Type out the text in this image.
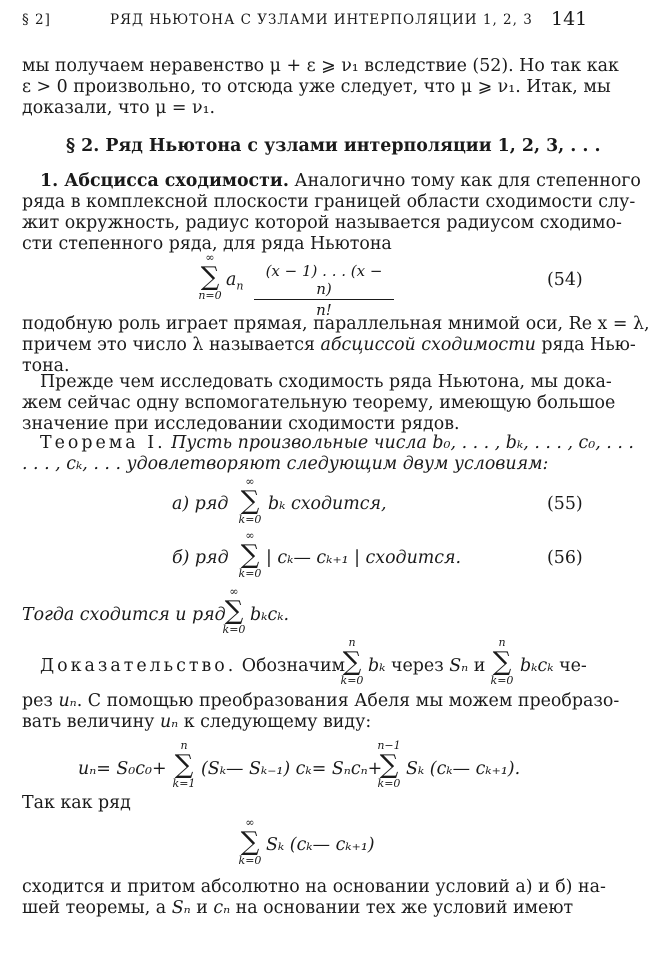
§ 2]	РЯД НЬЮТОНА С УЗЛАМИ ИНТЕРПОЛЯЦИИ 1, 2, 3 141
мы получаем неравенство μ + ε ⩾ ν₁ вследствие (52). Но так как
ε > 0 произвольно, то отсюда уже следует, что μ ⩾ ν₁. Итак, мы
доказали, что μ = ν₁.
§ 2. Ряд Ньютона с узлами интерполяции 1, 2, 3, . . .
1. Абсцисса сходимости. Аналогично тому как для степенного
ряда в комплексной плоскости границей области сходимости слу-
жит окружность, радиус которой называется радиусом сходимо-
сти степенного ряда, для ряда Ньютона
∞
∑
n=0
$a_n \frac{(x - 1) . . . (x - n)}{n!}$	(54)
подобную роль играет прямая, параллельная мнимой оси, Re x = λ,
причем это число λ называется абсциссой сходимости ряда Нью-
тона.
Прежде чем исследовать сходимость ряда Ньютона, мы дока-
жем сейчас одну вспомогательную теорему, имеющую большое
значение при исследовании сходимости рядов.
Теорема I. Пусть произвольные числа b₀, . . . , bₖ, . . . , c₀, . . .
. . . , cₖ, . . . удовлетворяют следующим двум условиям:
а) ряд
∞
∑
k=0
bₖ сходится,	(55)
б) ряд
∞
∑
k=0
| cₖ— cₖ₊₁ | сходится.	(56)
Тогда сходится и ряд
∞
∑
k=0
bₖcₖ.
Доказательство. Обозначим
n
∑
k=0
bₖ через Sₙ и
n
∑
k=0
bₖcₖ че-
рез uₙ. С помощью преобразования Абеля мы можем преобразо-
вать величину uₙ к следующему виду:
uₙ= S₀c₀+
n
∑
k=1
(Sₖ— Sₖ₋₁) cₖ= Sₙcₙ+
n−1
∑
k=0
Sₖ (cₖ— cₖ₊₁).
Так как ряд
∞
∑
k=0
Sₖ (cₖ— cₖ₊₁)
сходится и притом абсолютно на основании условий а) и б) на-
шей теоремы, а Sₙ и cₙ на основании тех же условий имеют
